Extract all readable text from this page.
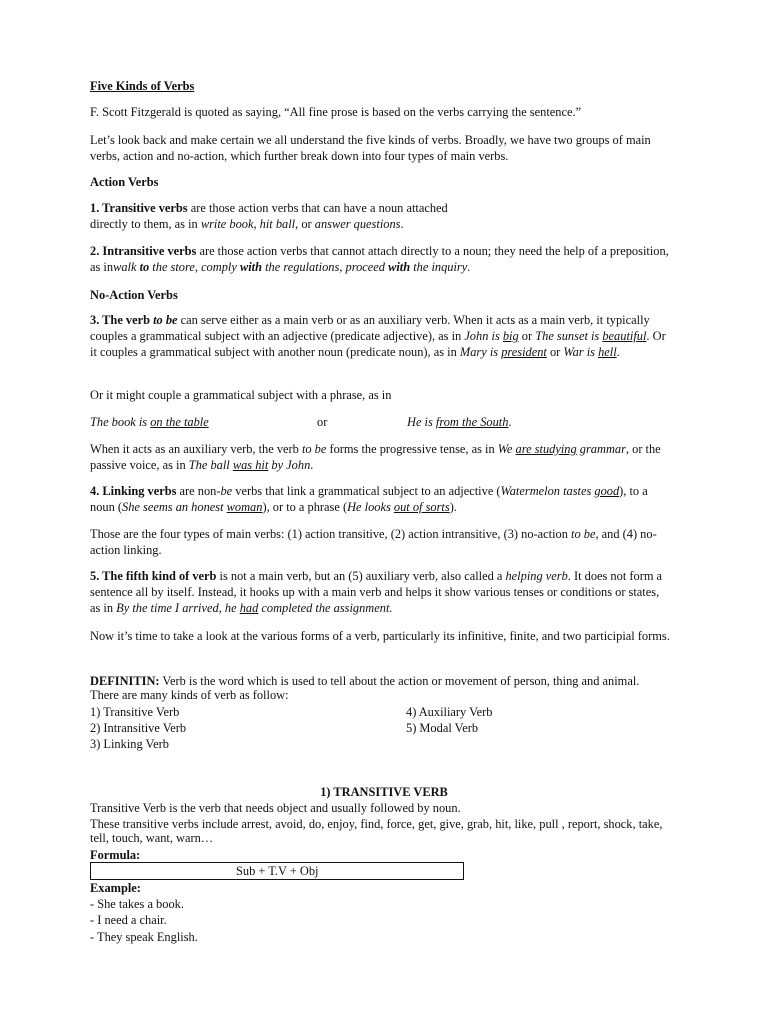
Five Kinds of Verbs

F. Scott Fitzgerald is quoted as saying, “All fine prose is based on the verbs carrying the sentence.”

Let’s look back and make certain we all understand the five kinds of verbs. Broadly, we have two groups of main verbs, action and no-action, which further break down into four types of main verbs.

Action Verbs

1. Transitive verbs are those action verbs that can have a noun attached
directly to them, as in write book, hit ball, or answer questions.

2. Intransitive verbs are those action verbs that cannot attach directly to a noun; they need the help of a preposition, as inwalk to the store, comply with the regulations, proceed with the inquiry.

No-Action Verbs

3. The verb to be can serve either as a main verb or as an auxiliary verb. When it acts as a main verb, it typically couples a grammatical subject with an adjective (predicate adjective), as in John is big or The sunset is beautiful. Or it couples a grammatical subject with another noun (predicate noun), as in Mary is president or War is hell.

Or it might couple a grammatical subject with a phrase, as in

The book is on the table	or	He is from the South.

When it acts as an auxiliary verb, the verb to be forms the progressive tense, as in We are studying grammar, or the passive voice, as in The ball was hit by John.

4. Linking verbs are non-be verbs that link a grammatical subject to an adjective (Watermelon tastes good), to a noun (She seems an honest woman), or to a phrase (He looks out of sorts).

Those are the four types of main verbs: (1) action transitive, (2) action intransitive, (3) no-action to be, and (4) no-action linking.

5. The fifth kind of verb is not a main verb, but an (5) auxiliary verb, also called a helping verb. It does not form a sentence all by itself. Instead, it hooks up with a main verb and helps it show various tenses or conditions or states, as in By the time I arrived, he had completed the assignment.

Now it’s time to take a look at the various forms of a verb, particularly its infinitive, finite, and two participial forms.

DEFINITIN: Verb is the word which is used to tell about the action or movement of person, thing and animal. There are many kinds of verb as follow:

1) Transitive Verb

2) Intransitive Verb

3) Linking Verb

4) Auxiliary Verb

5) Modal Verb

1) TRANSITIVE VERB

Transitive Verb is the verb that needs object and usually followed by noun.

These transitive verbs include arrest, avoid, do, enjoy, find, force, get, give, grab, hit, like, pull , report, shock, take, tell, touch, want, warn…

Formula:

Sub + T.V + Obj

Example:

- She takes a book.

- I need a chair.

- They speak English.
